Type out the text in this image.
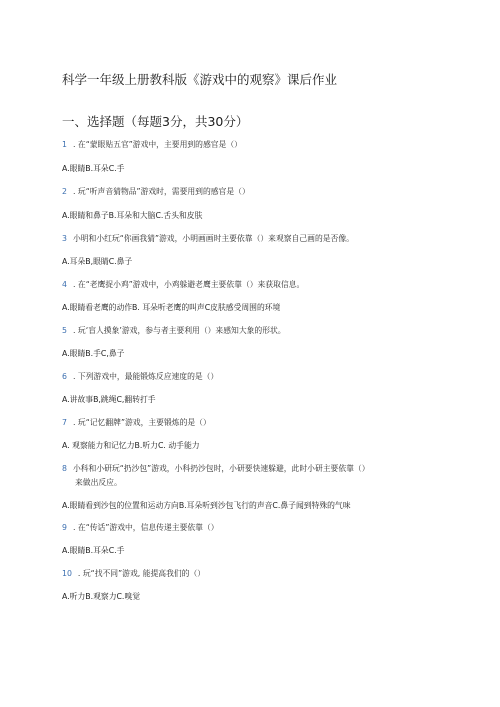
科学一年级上册教科版《游戏中的观察》课后作业
一、选择题（每题3分，共30分）
1 . 在“蒙眼贴五官”游戏中，主要用到的感官是（）
A.眼睛B.耳朵C.手
2 . 玩“听声音猜物品”游戏时，需要用到的感官是（）
A.眼睛和鼻子B.耳朵和大脑C.舌头和皮肤
3 小明和小红玩“你画我猜”游戏，小明画画时主要依靠（）来观察自己画的是否像。
A.耳朵B,眼睛C.鼻子
4 . 在“老鹰捉小鸡”游戏中，小鸡躲避老鹰主要依靠（）来获取信息。
A.眼睛看老鹰的动作B. 耳朵听老鹰的叫声C皮肤感受周围的环境
5 . 玩‘盲人摸象’游戏，参与者主要利用（）来感知大象的形状。
A.眼睛B.手C,鼻子
6 . 下列游戏中，最能锻炼反应速度的是（）
A.讲故事B,跳绳C,翻转打手
7 . 玩“记忆翻牌”游戏，主要锻炼的是（）
A. 观察能力和记忆力B.听力C. 动手能力
8 小科和小研玩“扔沙包”游戏，小科扔沙包时，小研要快速躲避，此时小研主要依靠（）
来做出反应。
A.眼睛看到沙包的位置和运动方向B.耳朵听到沙包飞行的声音C.鼻子闻到特殊的气味
9 . 在“传话”游戏中，信息传递主要依靠（）
A.眼睛B.耳朵C.手
10 . 玩“找不同”游戏, 能提高我们的（）
A.听力B.观察力C.嗅觉
